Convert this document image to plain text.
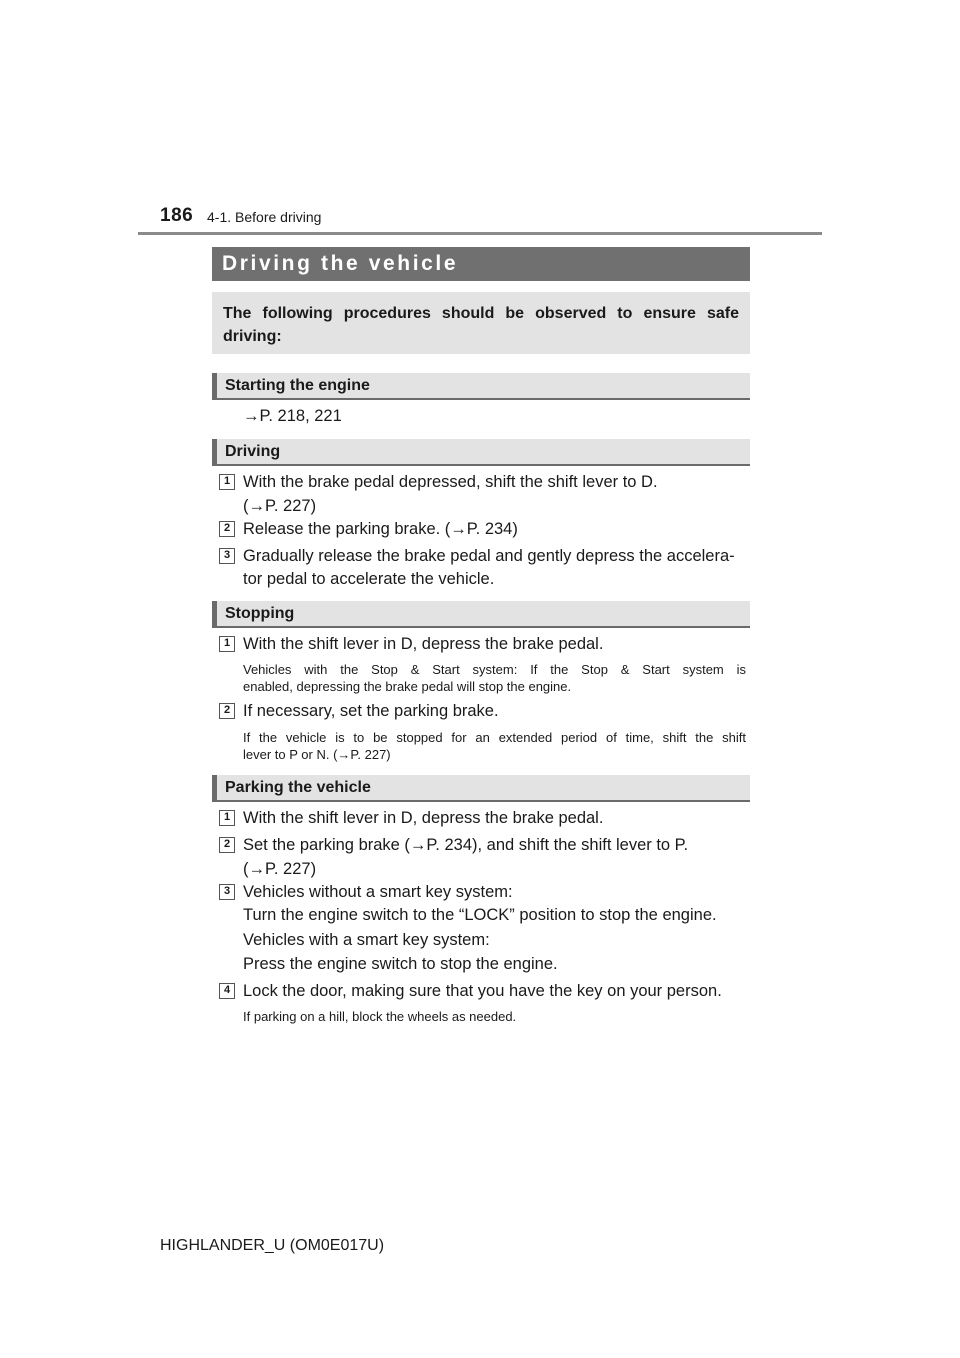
186 4-1. Before driving
Driving the vehicle
The following procedures should be observed to ensure safe driving:
Starting the engine
→P. 218, 221
Driving
1 With the brake pedal depressed, shift the shift lever to D.
(→P. 227)
2 Release the parking brake. (→P. 234)
3 Gradually release the brake pedal and gently depress the accelera-
tor pedal to accelerate the vehicle.
Stopping
1 With the shift lever in D, depress the brake pedal.
Vehicles with the Stop & Start system: If the Stop & Start system is
enabled, depressing the brake pedal will stop the engine.
2 If necessary, set the parking brake.
If the vehicle is to be stopped for an extended period of time, shift the shift
lever to P or N. (→P. 227)
Parking the vehicle
1 With the shift lever in D, depress the brake pedal.
2 Set the parking brake (→P. 234), and shift the shift lever to P.
(→P. 227)
3 Vehicles without a smart key system:
Turn the engine switch to the “LOCK” position to stop the engine.
Vehicles with a smart key system:
Press the engine switch to stop the engine.
4 Lock the door, making sure that you have the key on your person.
If parking on a hill, block the wheels as needed.
HIGHLANDER_U (OM0E017U)
